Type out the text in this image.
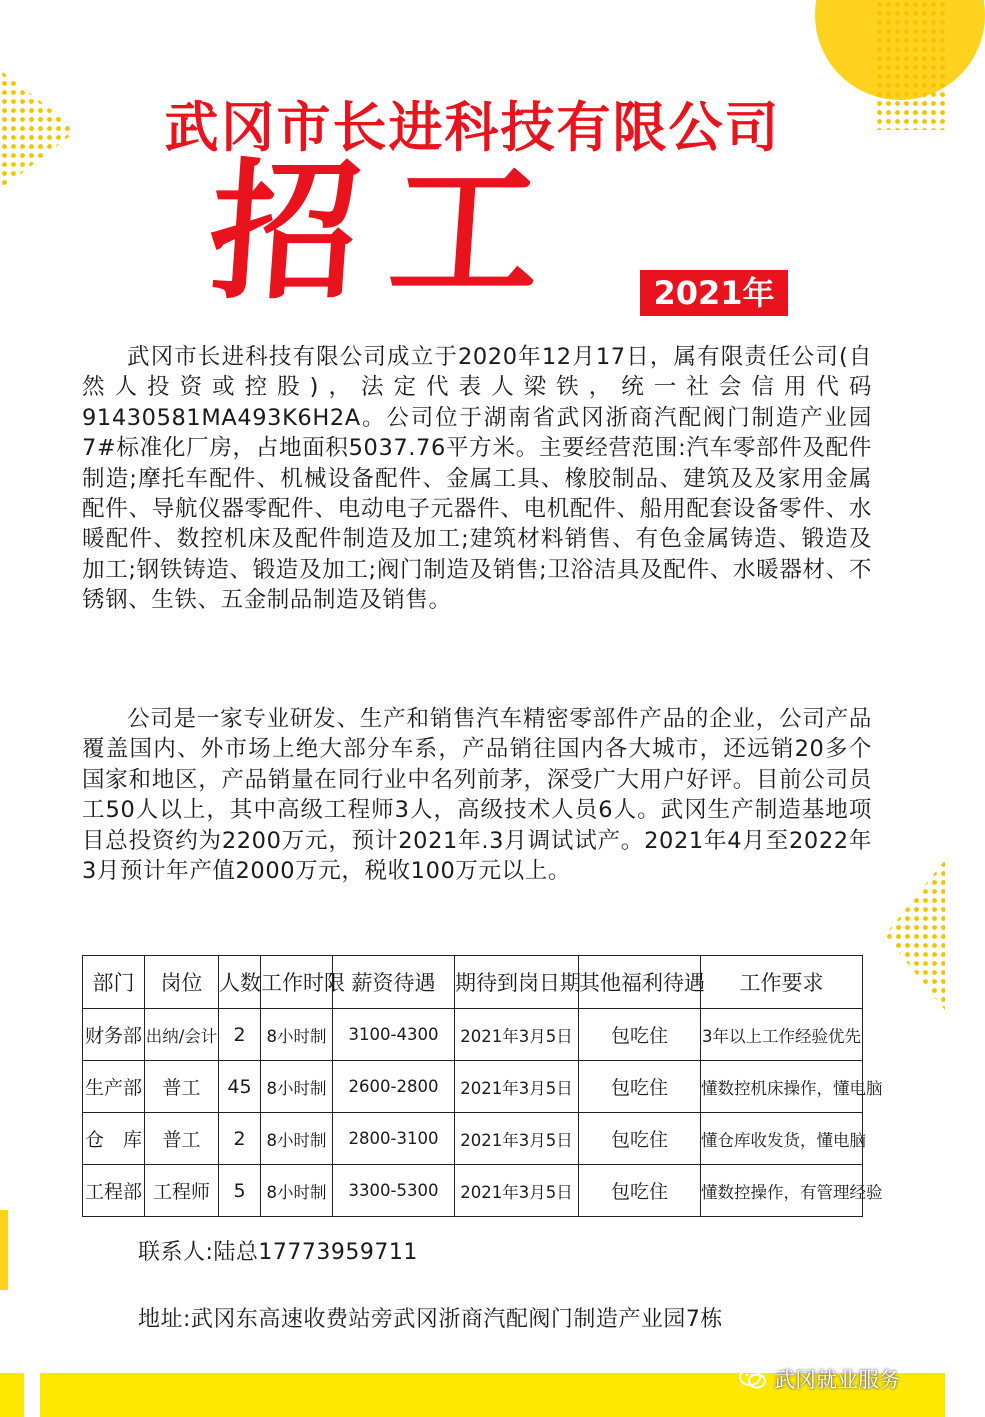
武冈市长进科技有限公司
招工	2021年

武冈市长进科技有限公司成立于2020年12月17日，属有限责任公司(自然人投资或控股)，法定代表人梁铁，统一社会信用代码91430581MA493K6H2A。公司位于湖南省武冈浙商汽配阀门制造产业园7#标准化厂房，占地面积5037.76平方米。主要经营范围:汽车零部件及配件制造;摩托车配件、机械设备配件、金属工具、橡胶制品、建筑及及家用金属配件、导航仪器零配件、电动电子元器件、电机配件、船用配套设备零件、水暖配件、数控机床及配件制造及加工;建筑材料销售、有色金属铸造、锻造及加工;钢铁铸造、锻造及加工;阀门制造及销售;卫浴洁具及配件、水暖器材、不锈钢、生铁、五金制品制造及销售。

公司是一家专业研发、生产和销售汽车精密零部件产品的企业，公司产品覆盖国内、外市场上绝大部分车系，产品销往国内各大城市，还远销20多个国家和地区，产品销量在同行业中名列前茅，深受广大用户好评。目前公司员工50人以上，其中高级工程师3人，高级技术人员6人。武冈生产制造基地项目总投资约为2200万元，预计2021年.3月调试试产。2021年4月至2022年3月预计年产值2000万元，税收100万元以上。

部门	岗位	人数	工作时限	薪资待遇	期待到岗日期	其他福利待遇	工作要求
财务部	出纳/会计	2	8小时制	3100-4300	2021年3月5日	包吃住	3年以上工作经验优先
生产部	普工	45	8小时制	2600-2800	2021年3月5日	包吃住	懂数控机床操作，懂电脑
仓　库	普工	2	8小时制	2800-3100	2021年3月5日	包吃住	懂仓库收发货，懂电脑
工程部	工程师	5	8小时制	3300-5300	2021年3月5日	包吃住	懂数控操作，有管理经验
联系人:陆总17773959711
地址:武冈东高速收费站旁武冈浙商汽配阀门制造产业园7栋
武冈就业服务
